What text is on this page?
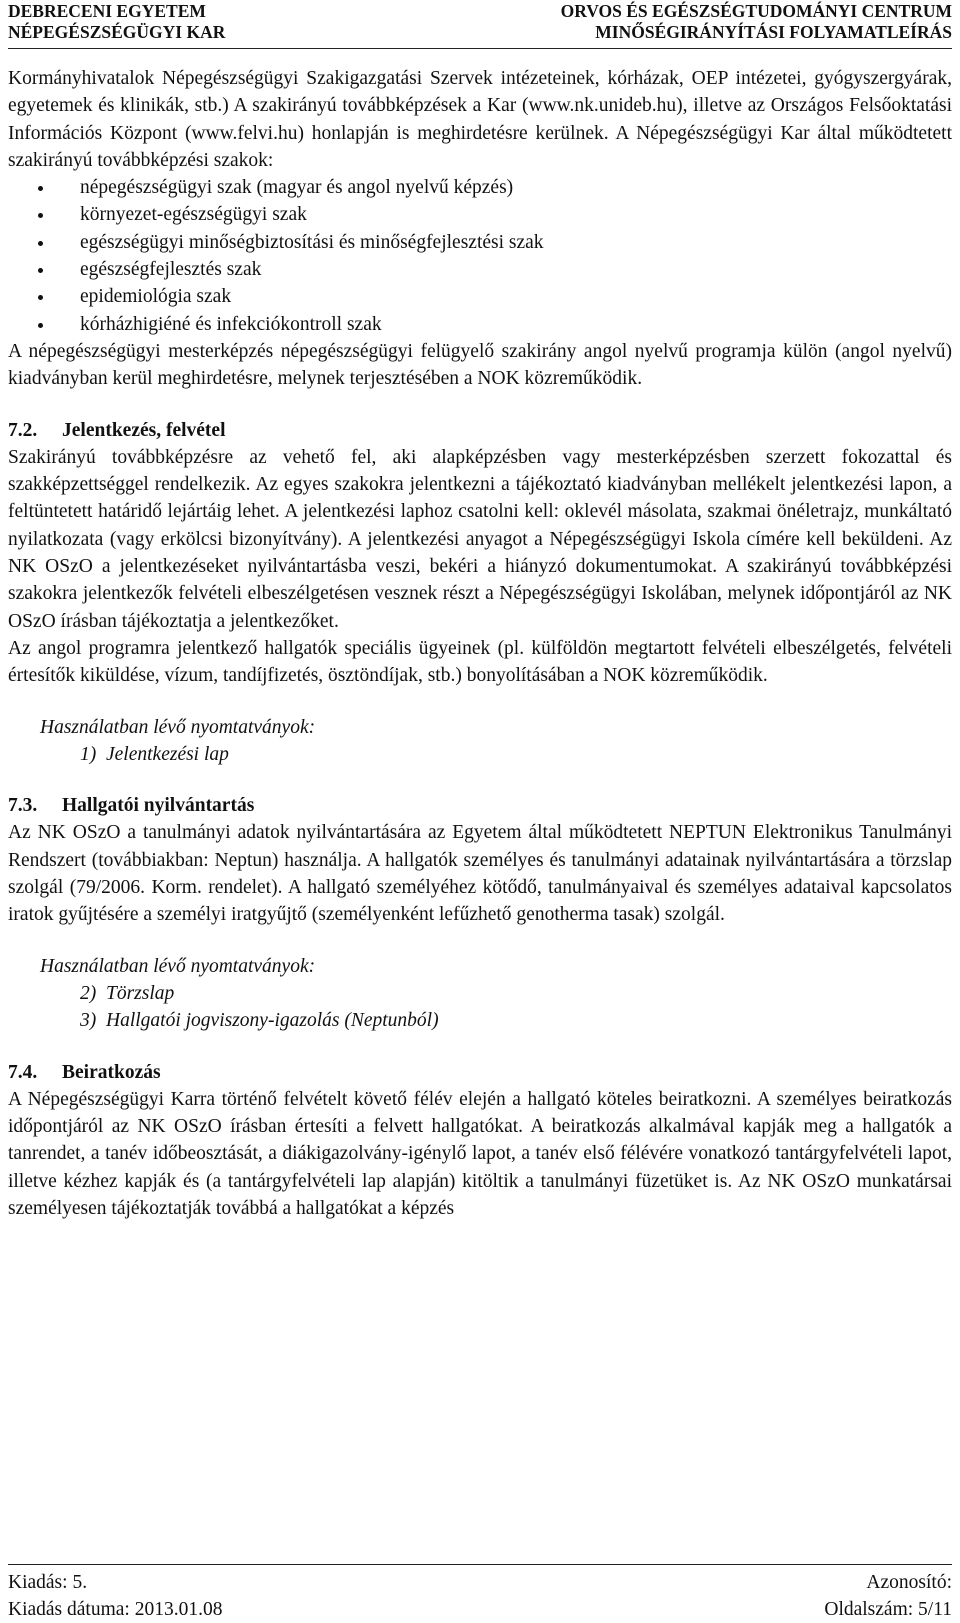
DEBRECENI EGYETEM
NÉPEGÉSZSÉGÜGYI KAR
ORVOS ÉS EGÉSZSÉGTUDOMÁNYI CENTRUM
MINŐSÉGIRÁNYÍTÁSI FOLYAMATLEÍRÁS

Kormányhivatalok Népegészségügyi Szakigazgatási Szervek intézeteinek, kórházak, OEP intézetei, gyógyszergyárak, egyetemek és klinikák, stb.) A szakirányú továbbképzések a Kar (www.nk.unideb.hu), illetve az Országos Felsőoktatási Információs Központ (www.felvi.hu) honlapján is meghirdetésre kerülnek. A Népegészségügyi Kar által működtetett szakirányú továbbképzési szakok:

népegészségügyi szak (magyar és angol nyelvű képzés)
környezet-egészségügyi szak
egészségügyi minőségbiztosítási és minőségfejlesztési szak
egészségfejlesztés szak
epidemiológia szak
kórházhigiéné és infekciókontroll szak

A népegészségügyi mesterképzés népegészségügyi felügyelő szakirány angol nyelvű programja külön (angol nyelvű) kiadványban kerül meghirdetésre, melynek terjesztésében a NOK közreműködik.

7.2. Jelentkezés, felvétel

Szakirányú továbbképzésre az vehető fel, aki alapképzésben vagy mesterképzésben szerzett fokozattal és szakképzettséggel rendelkezik. Az egyes szakokra jelentkezni a tájékoztató kiadványban mellékelt jelentkezési lapon, a feltüntetett határidő lejártáig lehet. A jelentkezési laphoz csatolni kell: oklevél másolata, szakmai önéletrajz, munkáltató nyilatkozata (vagy erkölcsi bizonyítvány). A jelentkezési anyagot a Népegészségügyi Iskola címére kell beküldeni. Az NK OSzO a jelentkezéseket nyilvántartásba veszi, bekéri a hiányzó dokumentumokat. A szakirányú továbbképzési szakokra jelentkezők felvételi elbeszélgetésen vesznek részt a Népegészségügyi Iskolában, melynek időpontjáról az NK OSzO írásban tájékoztatja a jelentkezőket.

Az angol programra jelentkező hallgatók speciális ügyeinek (pl. külföldön megtartott felvételi elbeszélgetés, felvételi értesítők kiküldése, vízum, tandíjfizetés, ösztöndíjak, stb.) bonyolításában a NOK közreműködik.

Használatban lévő nyomtatványok:
1)  Jelentkezési lap
7.3. Hallgatói nyilvántartás

Az NK OSzO a tanulmányi adatok nyilvántartására az Egyetem által működtetett NEPTUN Elektronikus Tanulmányi Rendszert (továbbiakban: Neptun) használja. A hallgatók személyes és tanulmányi adatainak nyilvántartására a törzslap szolgál (79/2006. Korm. rendelet). A hallgató személyéhez kötődő, tanulmányaival és személyes adataival kapcsolatos iratok gyűjtésére a személyi iratgyűjtő (személyenként lefűzhető genotherma tasak) szolgál.

Használatban lévő nyomtatványok:
2)  Törzslap
3)  Hallgatói jogviszony-igazolás (Neptunból)
7.4. Beiratkozás

A Népegészségügyi Karra történő felvételt követő félév elején a hallgató köteles beiratkozni. A személyes beiratkozás időpontjáról az NK OSzO írásban értesíti a felvett hallgatókat. A beiratkozás alkalmával kapják meg a hallgatók a tanrendet, a tanév időbeosztását, a diákigazolvány-igénylő lapot, a tanév első félévére vonatkozó tantárgyfelvételi lapot, illetve kézhez kapják és (a tantárgyfelvételi lap alapján) kitöltik a tanulmányi füzetüket is. Az NK OSzO munkatársai személyesen tájékoztatják továbbá a hallgatókat a képzés

Kiadás: 5.
Kiadás dátuma: 2013.01.08
Azonosító:
Oldalszám: 5/11
